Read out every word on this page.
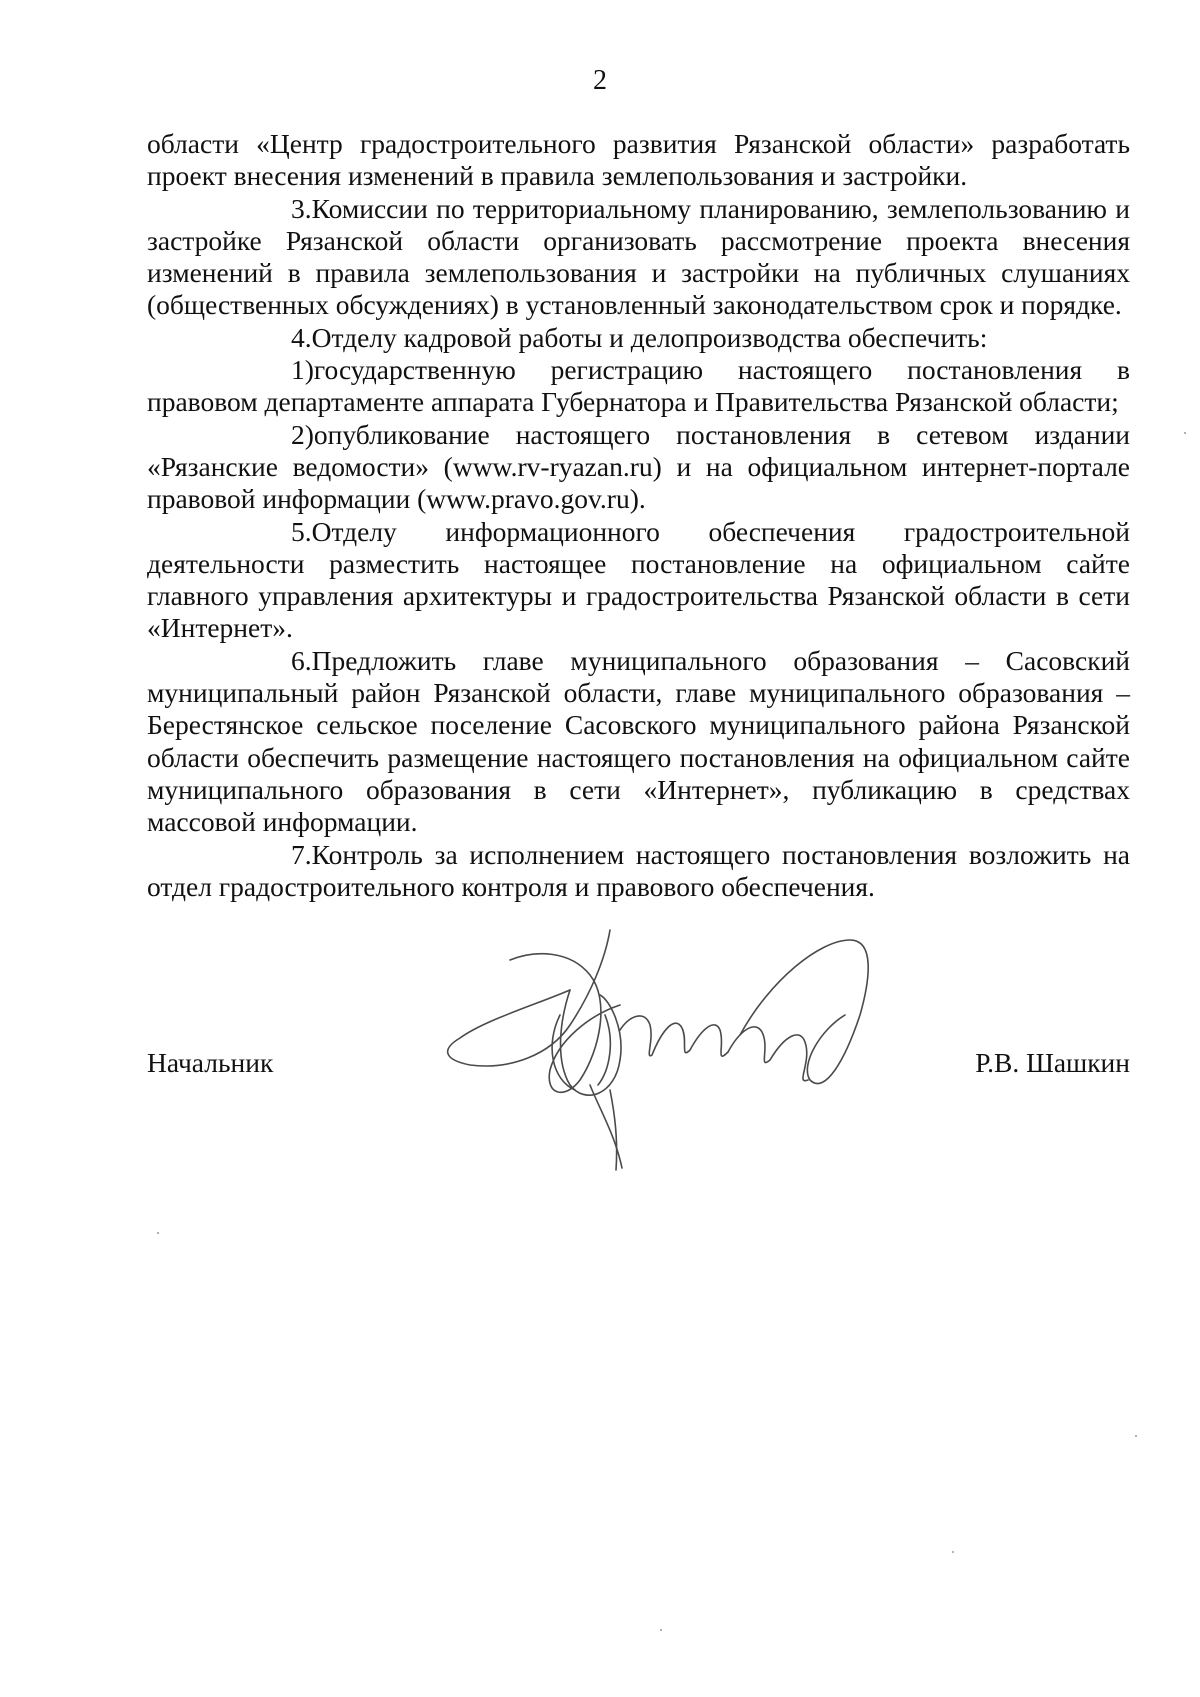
2

области «Центр градостроительного развития Рязанской области» разработать проект внесения изменений в правила землепользования и застройки.

3.Комиссии по территориальному планированию, землепользованию и застройке Рязанской области организовать рассмотрение проекта внесения изменений в правила землепользования и застройки на публичных слушаниях (общественных обсуждениях) в установленный законодательством срок и порядке.

4.Отделу кадровой работы и делопроизводства обеспечить:

1)государственную регистрацию настоящего постановления в правовом департаменте аппарата Губернатора и Правительства Рязанской области;

2)опубликование настоящего постановления в сетевом издании «Рязанские ведомости» (www.rv-ryazan.ru) и на официальном интернет-портале правовой информации (www.pravo.gov.ru).

5.Отделу информационного обеспечения градостроительной деятельности разместить настоящее постановление на официальном сайте главного управления архитектуры и градостроительства Рязанской области в сети «Интернет».

6.Предложить главе муниципального образования – Сасовский муниципальный район Рязанской области, главе муниципального образования – Берестянское сельское поселение Сасовского муниципального района Рязанской области обеспечить размещение настоящего постановления на официальном сайте муниципального образования в сети «Интернет», публикацию в средствах массовой информации.

7.Контроль за исполнением настоящего постановления возложить на отдел градостроительного контроля и правового обеспечения.

Начальник	Р.В. Шашкин
